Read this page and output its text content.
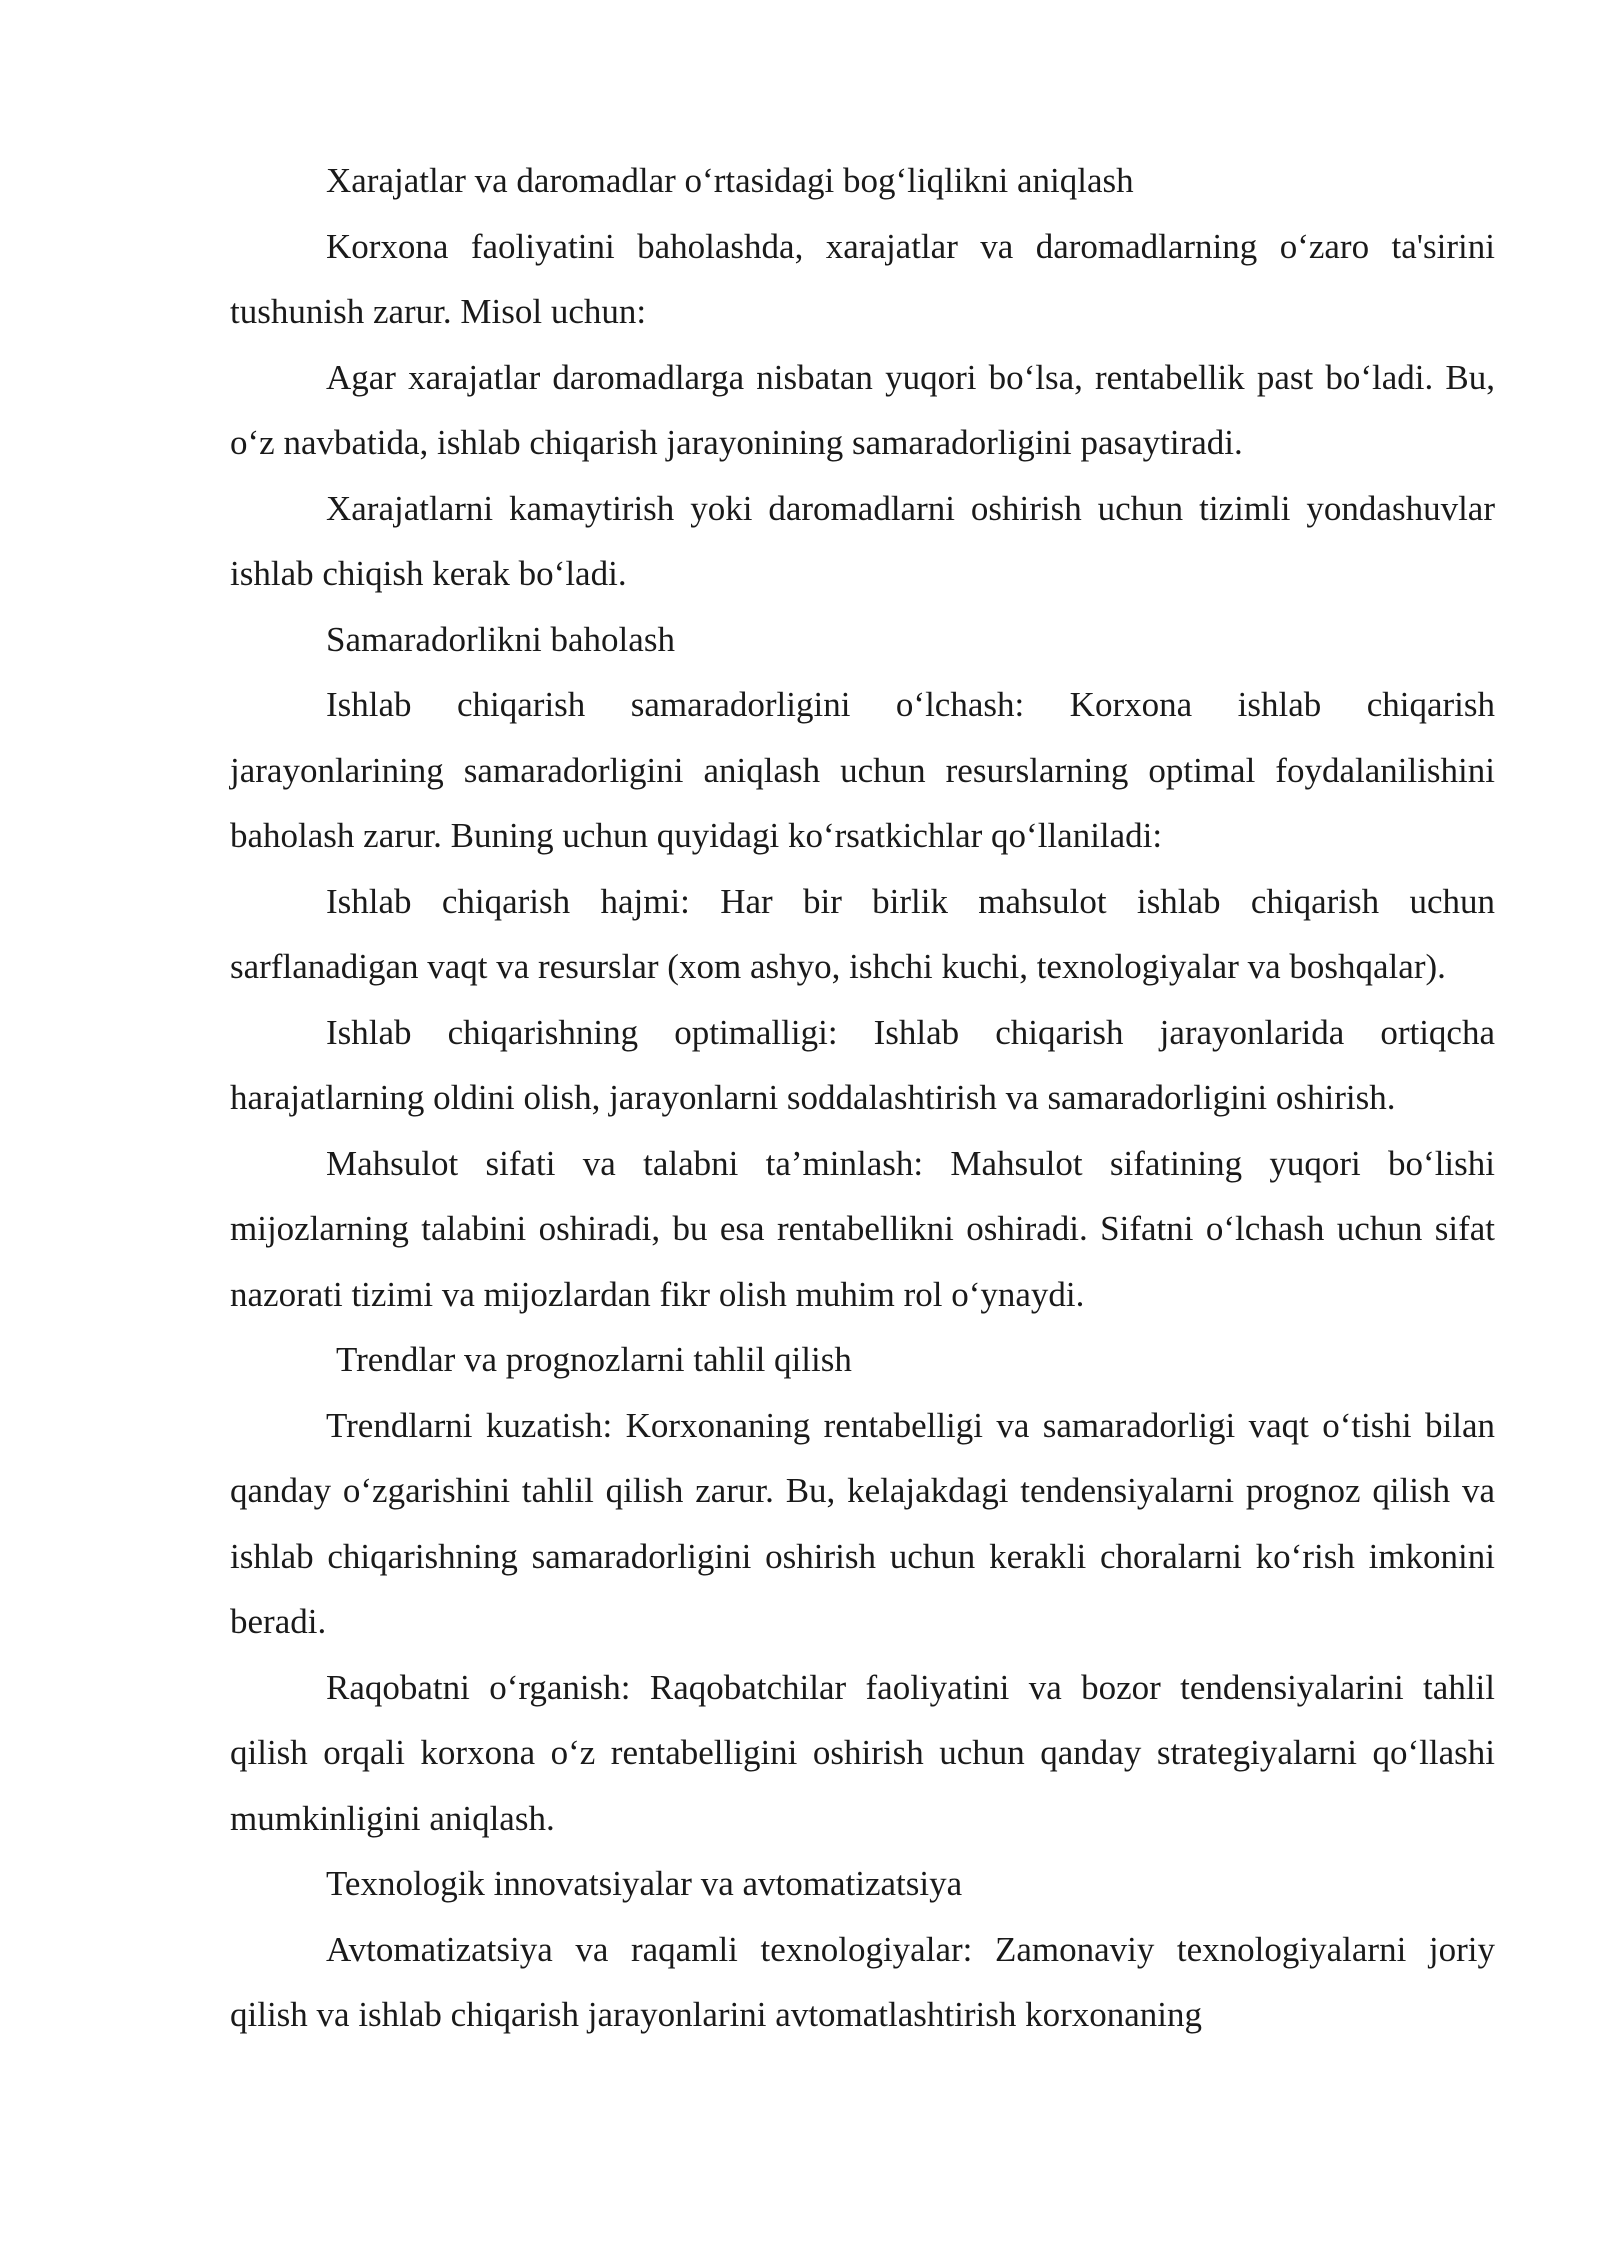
Xarajatlar va daromadlar o‘rtasidagi bog‘liqlikni aniqlash

Korxona faoliyatini baholashda, xarajatlar va daromadlarning o‘zaro ta'sirini tushunish zarur. Misol uchun:

Agar xarajatlar daromadlarga nisbatan yuqori bo‘lsa, rentabellik past bo‘ladi. Bu, o‘z navbatida, ishlab chiqarish jarayonining samaradorligini pasaytiradi.

Xarajatlarni kamaytirish yoki daromadlarni oshirish uchun tizimli yondashuvlar ishlab chiqish kerak bo‘ladi.

Samaradorlikni baholash

Ishlab chiqarish samaradorligini o‘lchash: Korxona ishlab chiqarish jarayonlarining samaradorligini aniqlash uchun resurslarning optimal foydalanilishini baholash zarur. Buning uchun quyidagi ko‘rsatkichlar qo‘llaniladi:

Ishlab chiqarish hajmi: Har bir birlik mahsulot ishlab chiqarish uchun sarflanadigan vaqt va resurslar (xom ashyo, ishchi kuchi, texnologiyalar va boshqalar).

Ishlab chiqarishning optimalligi: Ishlab chiqarish jarayonlarida ortiqcha harajatlarning oldini olish, jarayonlarni soddalashtirish va samaradorligini oshirish.

Mahsulot sifati va talabni ta’minlash: Mahsulot sifatining yuqori bo‘lishi mijozlarning talabini oshiradi, bu esa rentabellikni oshiradi. Sifatni o‘lchash uchun sifat nazorati tizimi va mijozlardan fikr olish muhim rol o‘ynaydi.

Trendlar va prognozlarni tahlil qilish

Trendlarni kuzatish: Korxonaning rentabelligi va samaradorligi vaqt o‘tishi bilan qanday o‘zgarishini tahlil qilish zarur. Bu, kelajakdagi tendensiyalarni prognoz qilish va ishlab chiqarishning samaradorligini oshirish uchun kerakli choralarni ko‘rish imkonini beradi.

Raqobatni o‘rganish: Raqobatchilar faoliyatini va bozor tendensiyalarini tahlil qilish orqali korxona o‘z rentabelligini oshirish uchun qanday strategiyalarni qo‘llashi mumkinligini aniqlash.

Texnologik innovatsiyalar va avtomatizatsiya

Avtomatizatsiya va raqamli texnologiyalar: Zamonaviy texnologiyalarni joriy qilish va ishlab chiqarish jarayonlarini avtomatlashtirish korxonaning
